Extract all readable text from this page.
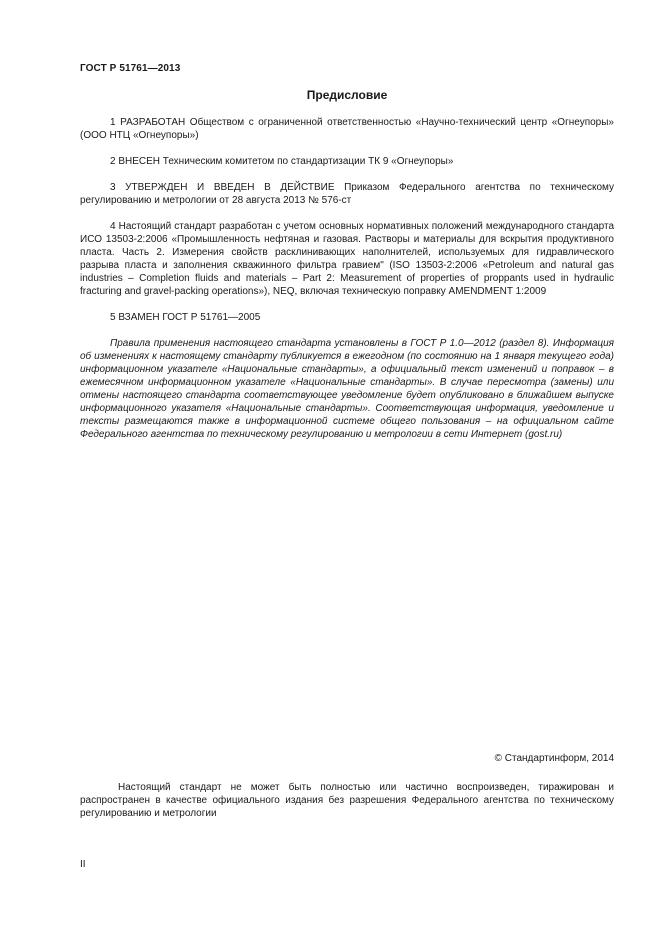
ГОСТ Р 51761—2013
Предисловие

1 РАЗРАБОТАН Обществом с ограниченной ответственностью «Научно-технический центр «Огнеупоры» (ООО НТЦ «Огнеупоры»)

2 ВНЕСЕН Техническим комитетом по стандартизации ТК 9 «Огнеупоры»

3 УТВЕРЖДЕН И ВВЕДЕН В ДЕЙСТВИЕ Приказом Федерального агентства по техническому регулированию и метрологии от 28 августа 2013 № 576-ст

4 Настоящий стандарт разработан с учетом основных нормативных положений международного стандарта ИСО 13503-2:2006 «Промышленность нефтяная и газовая. Растворы и материалы для вскрытия продуктивного пласта. Часть 2. Измерения свойств расклинивающих наполнителей, используемых для гидравлического разрыва пласта и заполнения скважинного фильтра гравием" (ISO 13503-2:2006 «Petroleum and natural gas industries – Completion fluids and materials – Part 2: Measurement of properties of proppants used in hydraulic fracturing and gravel-packing operations»), NEQ, включая техническую поправку AMENDMENT 1:2009

5 ВЗАМЕН ГОСТ Р 51761—2005

Правила применения настоящего стандарта установлены в ГОСТ Р 1.0—2012 (раздел 8). Информация об изменениях к настоящему стандарту публикуется в ежегодном (по состоянию на 1 января текущего года) информационном указателе «Национальные стандарты», а официальный текст изменений и поправок – в ежемесячном информационном указателе «Национальные стандарты». В случае пересмотра (замены) или отмены настоящего стандарта соответствующее уведомление будет опубликовано в ближайшем выпуске информационного указателя «Национальные стандарты». Соответствующая информация, уведомление и тексты размещаются также в информационной системе общего пользования – на официальном сайте Федерального агентства по техническому регулированию и метрологии в сети Интернет (gost.ru)

© Стандартинформ, 2014

Настоящий стандарт не может быть полностью или частично воспроизведен, тиражирован и распространен в качестве официального издания без разрешения Федерального агентства по техническому регулированию и метрологии

II
